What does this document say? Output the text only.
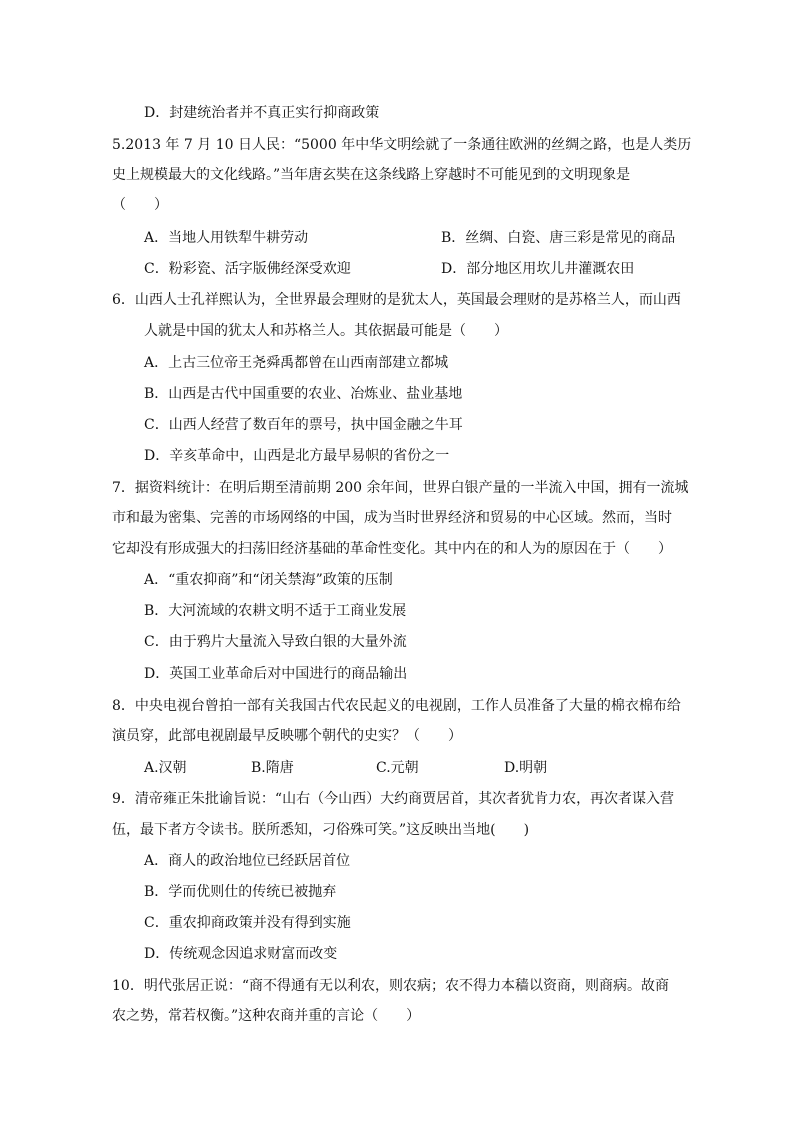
D．封建统治者并不真正实行抑商政策
5.2013 年 7 月 10 日人民：“5000 年中华文明绘就了一条通往欧洲的丝绸之路，也是人类历
史上规模最大的文化线路。”当年唐玄奘在这条线路上穿越时不可能见到的文明现象是
（　　）
A．当地人用铁犁牛耕劳动	B．丝绸、白瓷、唐三彩是常见的商品
C．粉彩瓷、活字版佛经深受欢迎	D．部分地区用坎儿井灌溉农田
6．山西人士孔祥熙认为，全世界最会理财的是犹太人，英国最会理财的是苏格兰人，而山西
人就是中国的犹太人和苏格兰人。其依据最可能是（　　）
A．上古三位帝王尧舜禹都曾在山西南部建立都城
B．山西是古代中国重要的农业、冶炼业、盐业基地
C．山西人经营了数百年的票号，执中国金融之牛耳
D．辛亥革命中，山西是北方最早易帜的省份之一
7．据资料统计：在明后期至清前期 200 余年间，世界白银产量的一半流入中国，拥有一流城
市和最为密集、完善的市场网络的中国，成为当时世界经济和贸易的中心区域。然而，当时
它却没有形成强大的扫荡旧经济基础的革命性变化。其中内在的和人为的原因在于（　　）
A．“重农抑商”和“闭关禁海”政策的压制
B．大河流域的农耕文明不适于工商业发展
C．由于鸦片大量流入导致白银的大量外流
D．英国工业革命后对中国进行的商品输出
8．中央电视台曾拍一部有关我国古代农民起义的电视剧，工作人员准备了大量的棉衣棉布给
演员穿，此部电视剧最早反映哪个朝代的史实？（　　）
A.汉朝	B.隋唐	C.元朝	D.明朝
9．清帝雍正朱批谕旨说：“山右（今山西）大约商贾居首，其次者犹肯力农，再次者谋入营
伍，最下者方令读书。朕所悉知，刁俗殊可笑。”这反映出当地(　　)
A．商人的政治地位已经跃居首位
B．学而优则仕的传统已被抛弃
C．重农抑商政策并没有得到实施
D．传统观念因追求财富而改变
10．明代张居正说：“商不得通有无以利农，则农病；农不得力本穑以资商，则商病。故商
农之势，常若权衡。”这种农商并重的言论（　　）
